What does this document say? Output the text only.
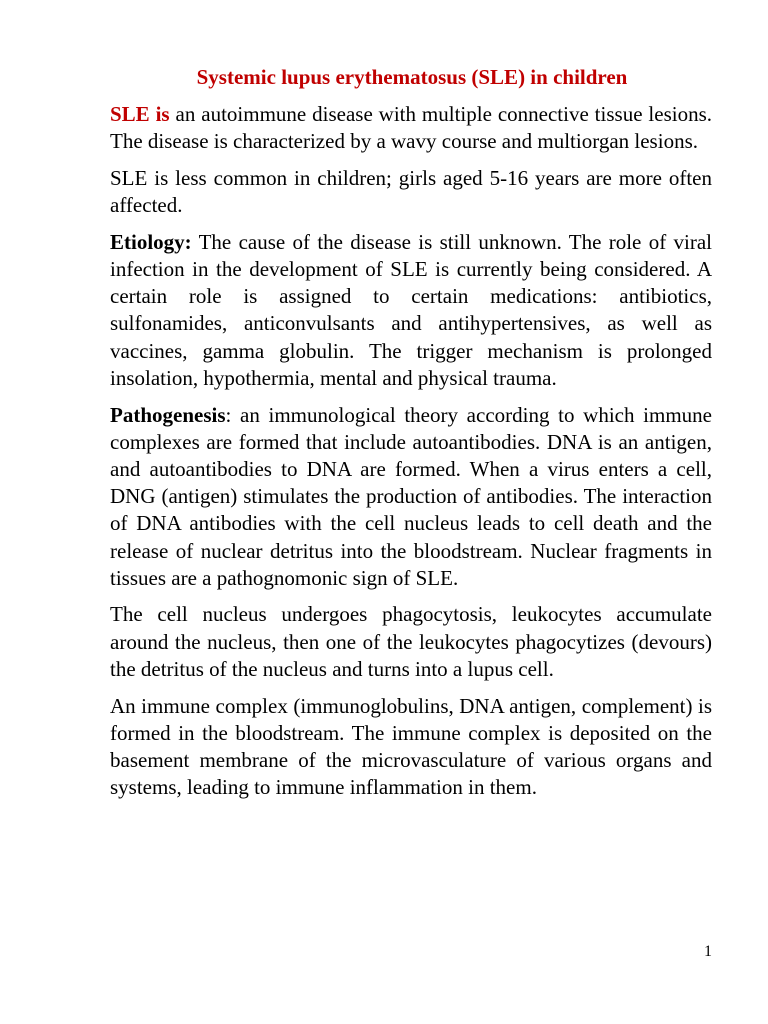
Systemic lupus erythematosus (SLE) in children

SLE is an autoimmune disease with multiple connective tissue lesions. The disease is characterized by a wavy course and multiorgan lesions.

SLE is less common in children; girls aged 5-16 years are more often affected.

Etiology: The cause of the disease is still unknown. The role of viral infection in the development of SLE is currently being considered. A certain role is assigned to certain medications: antibiotics, sulfonamides, anticonvulsants and antihypertensives, as well as vaccines, gamma globulin. The trigger mechanism is prolonged insolation, hypothermia, mental and physical trauma.

Pathogenesis: an immunological theory according to which immune complexes are formed that include autoantibodies. DNA is an antigen, and autoantibodies to DNA are formed. When a virus enters a cell, DNG (antigen) stimulates the production of antibodies. The interaction of DNA antibodies with the cell nucleus leads to cell death and the release of nuclear detritus into the bloodstream. Nuclear fragments in tissues are a pathognomonic sign of SLE.

The cell nucleus undergoes phagocytosis, leukocytes accumulate around the nucleus, then one of the leukocytes phagocytizes (devours) the detritus of the nucleus and turns into a lupus cell.

An immune complex (immunoglobulins, DNA antigen, complement) is formed in the bloodstream. The immune complex is deposited on the basement membrane of the microvasculature of various organs and systems, leading to immune inflammation in them.

1
